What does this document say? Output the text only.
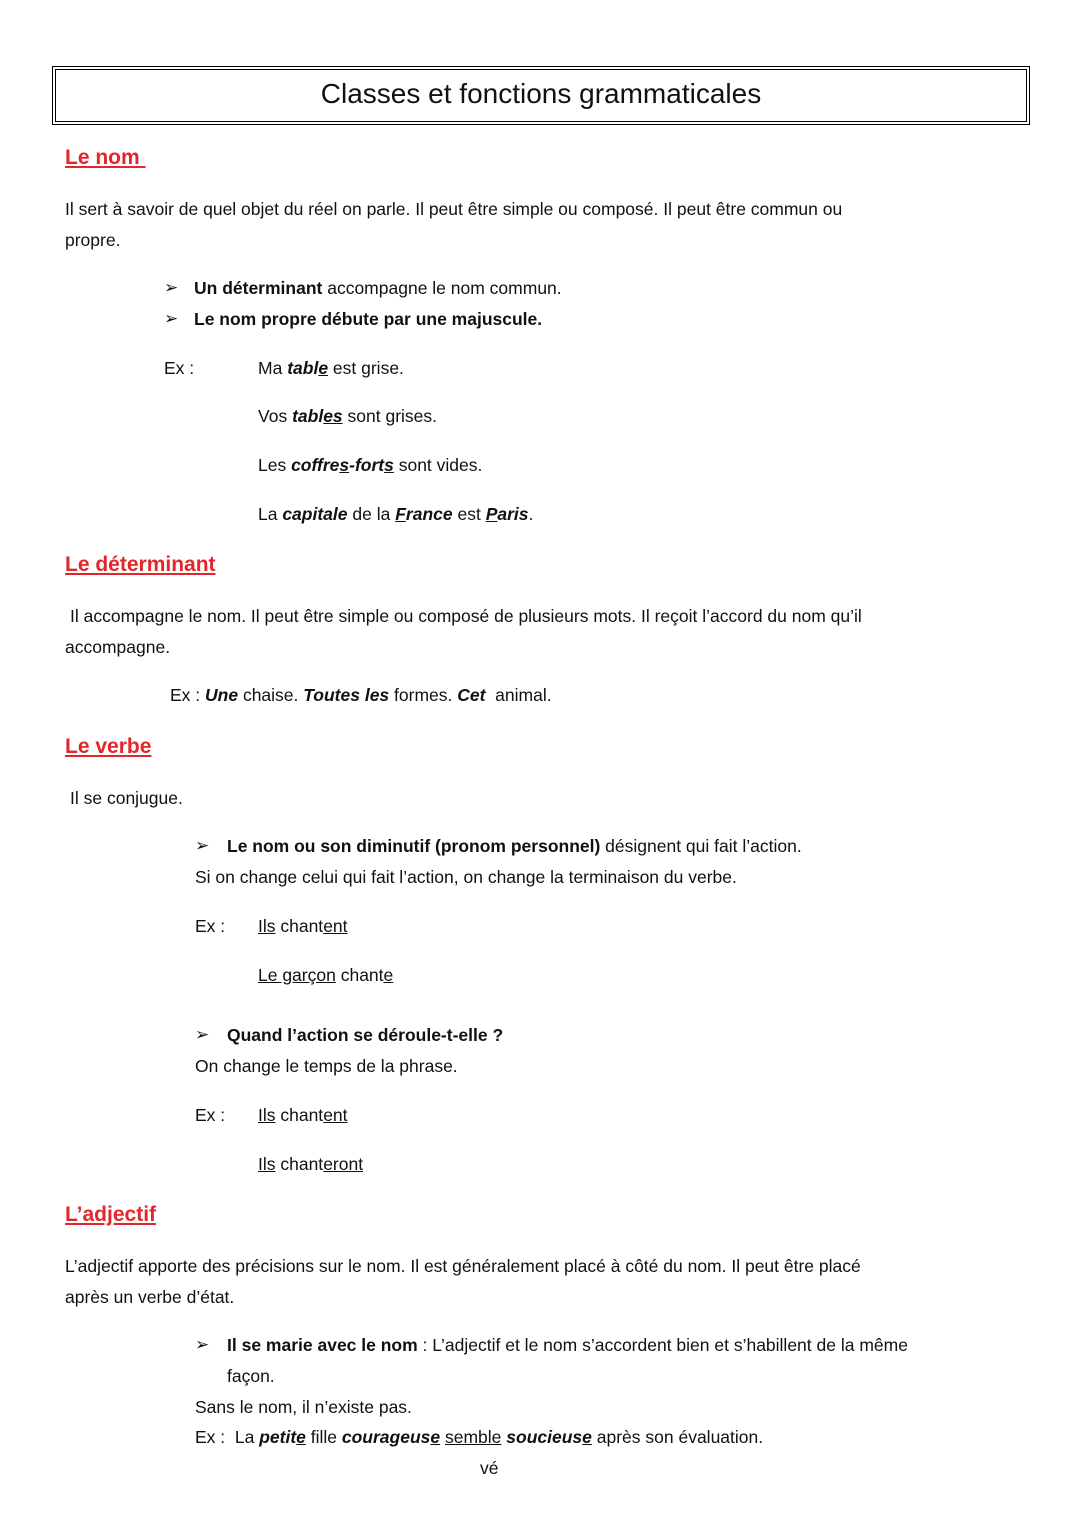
Classes et fonctions grammaticales
Le nom
Il sert à savoir de quel objet du réel on parle. Il peut être simple ou composé. Il peut être commun ou
propre.
➢ Un déterminant accompagne le nom commun.
➢ Le nom propre débute par une majuscule.
Ex :	Ma table est grise.
Vos tables sont grises.
Les coffres-forts sont vides.
La capitale de la France est Paris.
Le déterminant
Il accompagne le nom. Il peut être simple ou composé de plusieurs mots. Il reçoit l’accord du nom qu’il
accompagne.
Ex : Une chaise. Toutes les formes. Cet  animal.
Le verbe
Il se conjugue.
➢ Le nom ou son diminutif (pronom personnel) désignent qui fait l’action.
Si on change celui qui fait l’action, on change la terminaison du verbe.
Ex : Ils chantent
Le garçon chante
➢ Quand l’action se déroule-t-elle ?
On change le temps de la phrase.
Ex : Ils chantent
Ils chanteront
L’adjectif
L’adjectif apporte des précisions sur le nom. Il est généralement placé à côté du nom. Il peut être placé
après un verbe d’état.
➢ Il se marie avec le nom : L’adjectif et le nom s’accordent bien et s’habillent de la même
façon.
Sans le nom, il n’existe pas.
Ex :  La petite fille courageuse semble soucieuse après son évaluation.
vé
